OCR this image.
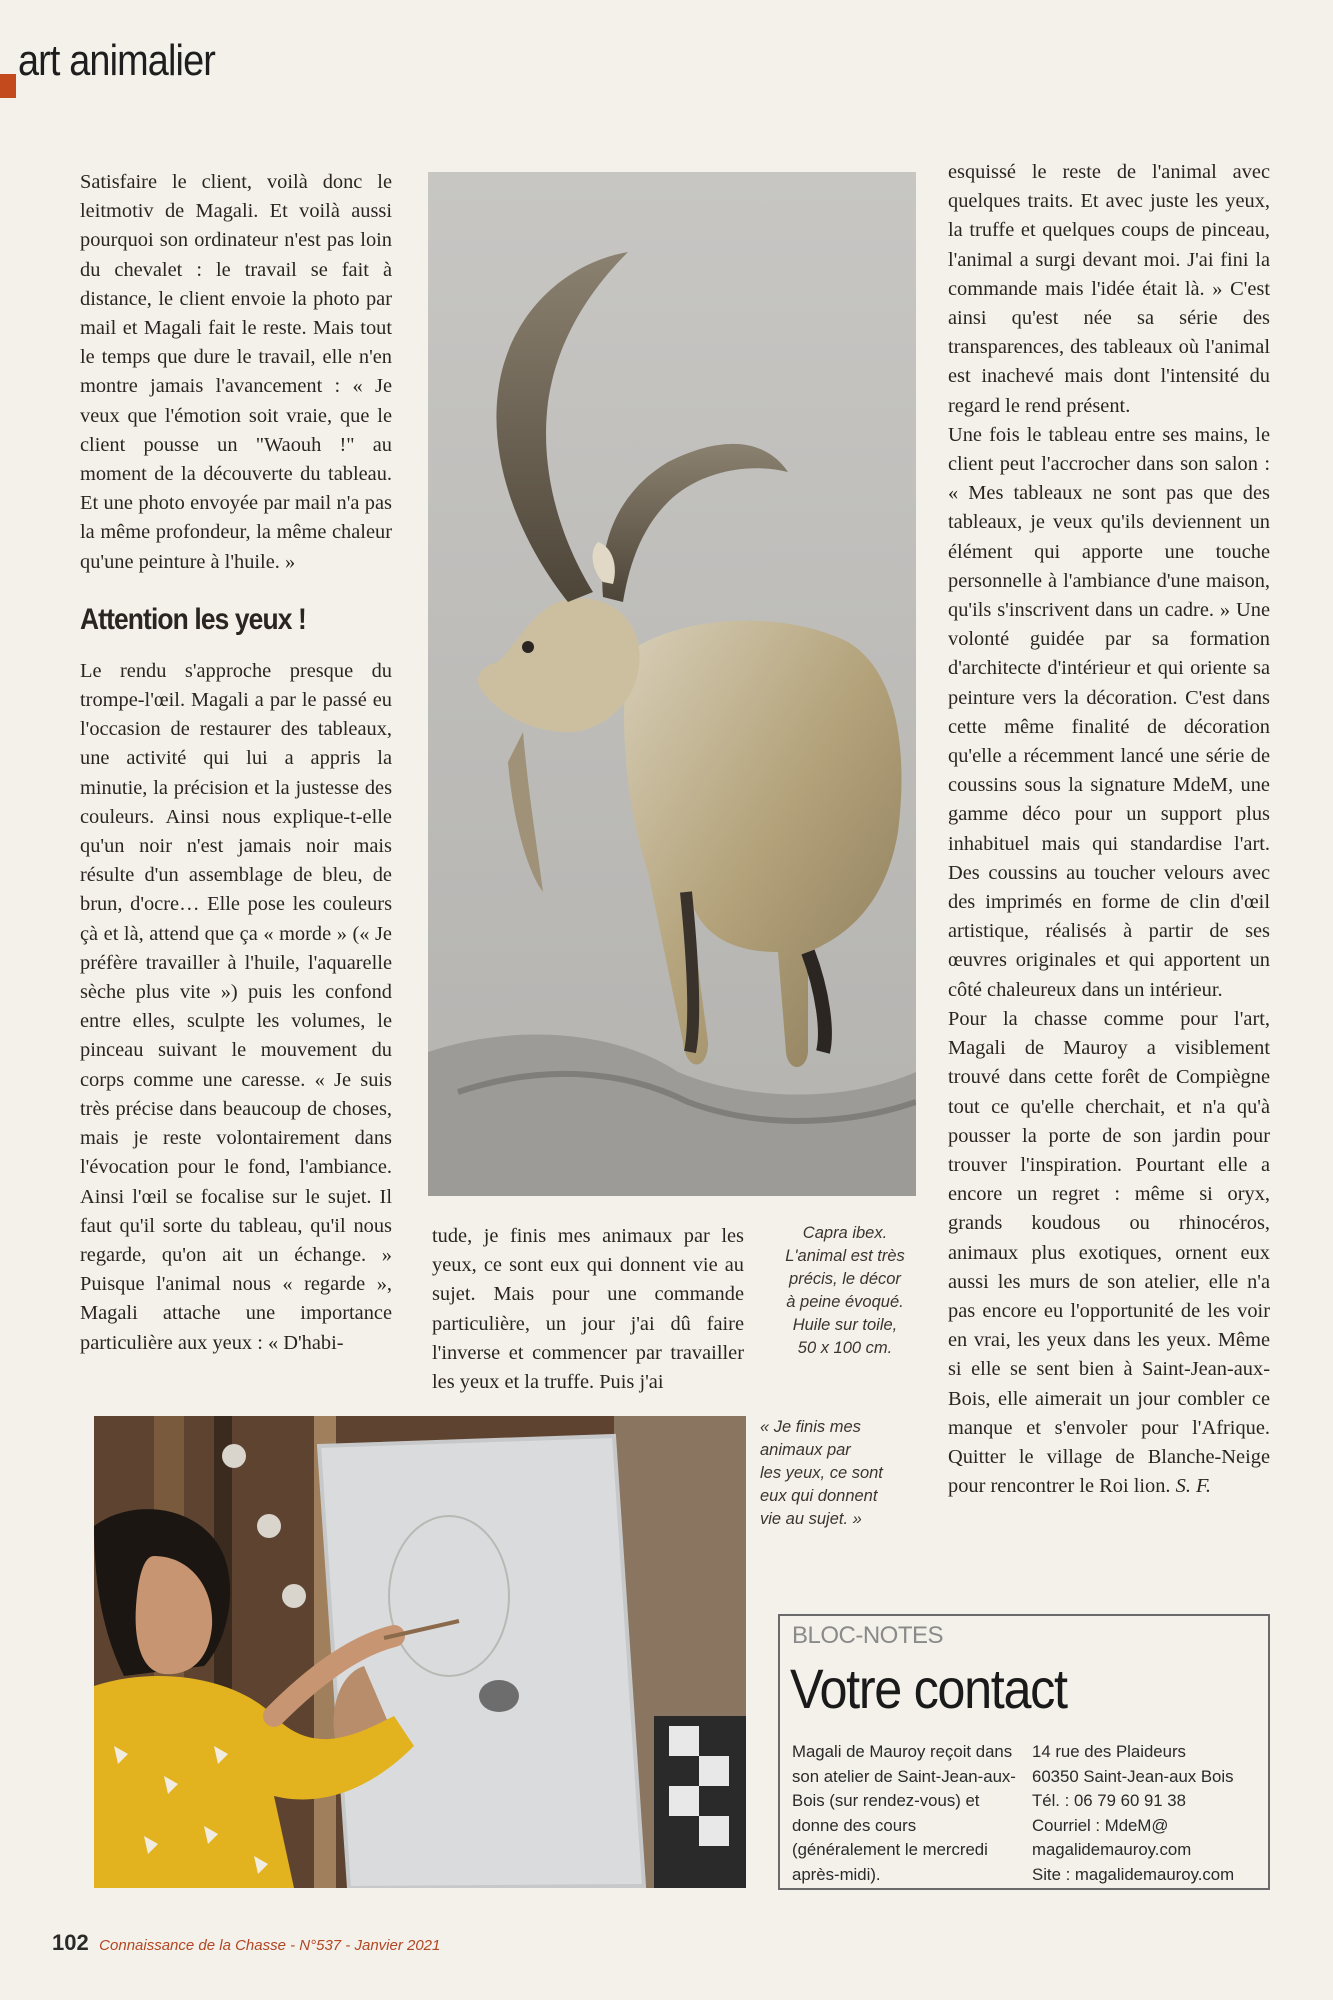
art animalier

Satisfaire le client, voilà donc le leitmotiv de Magali. Et voilà aussi pourquoi son ordinateur n'est pas loin du chevalet : le travail se fait à distance, le client envoie la photo par mail et Magali fait le reste. Mais tout le temps que dure le travail, elle n'en montre jamais l'avancement : « Je veux que l'émotion soit vraie, que le client pousse un "Waouh !" au moment de la découverte du tableau. Et une photo envoyée par mail n'a pas la même profondeur, la même chaleur qu'une peinture à l'huile. »

Attention les yeux !

Le rendu s'approche presque du trompe-l'œil. Magali a par le passé eu l'occasion de restaurer des tableaux, une activité qui lui a appris la minutie, la précision et la justesse des couleurs. Ainsi nous explique-t-elle qu'un noir n'est jamais noir mais résulte d'un assemblage de bleu, de brun, d'ocre… Elle pose les couleurs çà et là, attend que ça « morde » (« Je préfère travailler à l'huile, l'aquarelle sèche plus vite ») puis les confond entre elles, sculpte les volumes, le pinceau suivant le mouvement du corps comme une caresse. « Je suis très précise dans beaucoup de choses, mais je reste volontairement dans l'évocation pour le fond, l'ambiance. Ainsi l'œil se focalise sur le sujet. Il faut qu'il sorte du tableau, qu'il nous regarde, qu'on ait un échange. » Puisque l'animal nous « regarde », Magali attache une importance particulière aux yeux : « D'habi-

esquissé le reste de l'animal avec quelques traits. Et avec juste les yeux, la truffe et quelques coups de pinceau, l'animal a surgi devant moi. J'ai fini la commande mais l'idée était là. » C'est ainsi qu'est née sa série des transparences, des tableaux où l'animal est inachevé mais dont l'intensité du regard le rend présent.

Une fois le tableau entre ses mains, le client peut l'accrocher dans son salon : « Mes tableaux ne sont pas que des tableaux, je veux qu'ils deviennent un élément qui apporte une touche personnelle à l'ambiance d'une maison, qu'ils s'inscrivent dans un cadre. » Une volonté guidée par sa formation d'architecte d'intérieur et qui oriente sa peinture vers la décoration. C'est dans cette même finalité de décoration qu'elle a récemment lancé une série de coussins sous la signature MdeM, une gamme déco pour un support plus inhabituel mais qui standardise l'art. Des coussins au toucher velours avec des imprimés en forme de clin d'œil artistique, réalisés à partir de ses œuvres originales et qui apportent un côté chaleureux dans un intérieur.

Pour la chasse comme pour l'art, Magali de Mauroy a visiblement trouvé dans cette forêt de Compiègne tout ce qu'elle cherchait, et n'a qu'à pousser la porte de son jardin pour trouver l'inspiration. Pourtant elle a encore un regret : même si oryx, grands koudous ou rhinocéros, animaux plus exotiques, ornent eux aussi les murs de son atelier, elle n'a pas encore eu l'opportunité de les voir en vrai, les yeux dans les yeux. Même si elle se sent bien à Saint-Jean-aux-Bois, elle aimerait un jour combler ce manque et s'envoler pour l'Afrique. Quitter le village de Blanche-Neige pour rencontrer le Roi lion. S. F.

tude, je finis mes animaux par les yeux, ce sont eux qui donnent vie au sujet. Mais pour une commande particulière, un jour j'ai dû faire l'inverse et commencer par travailler les yeux et la truffe. Puis j'ai

Capra ibex.
L'animal est très
précis, le décor
à peine évoqué.
Huile sur toile,
50 x 100 cm.
« Je finis mes
animaux par
les yeux, ce sont
eux qui donnent
vie au sujet. »
BLOC-NOTES
Votre contact
Magali de Mauroy reçoit dans son atelier de Saint-Jean-aux-Bois (sur rendez-vous) et donne des cours (généralement le mercredi après-midi).
14 rue des Plaideurs
60350 Saint-Jean-aux Bois
Tél. : 06 79 60 91 38
Courriel : MdeM@
magalidemauroy.com
Site : magalidemauroy.com
102 Connaissance de la Chasse - N°537 - Janvier 2021
